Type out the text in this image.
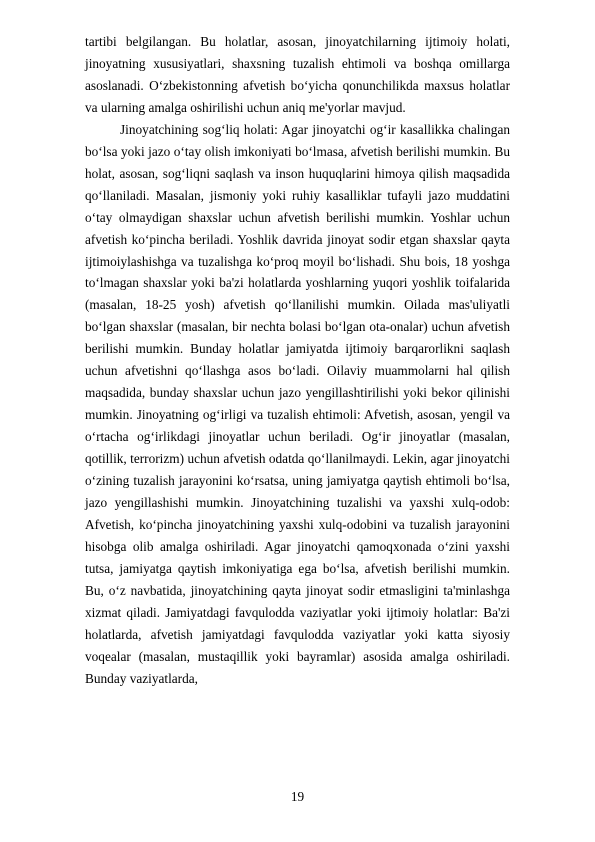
tartibi belgilangan. Bu holatlar, asosan, jinoyatchilarning ijtimoiy holati, jinoyatning xususiyatlari, shaxsning tuzalish ehtimoli va boshqa omillarga asoslanadi. O‘zbekistonning afvetish bo‘yicha qonunchilikda maxsus holatlar va ularning amalga oshirilishi uchun aniq me'yorlar mavjud.

Jinoyatchining sog‘liq holati: Agar jinoyatchi og‘ir kasallikka chalingan bo‘lsa yoki jazo o‘tay olish imkoniyati bo‘lmasa, afvetish berilishi mumkin. Bu holat, asosan, sog‘liqni saqlash va inson huquqlarini himoya qilish maqsadida qo‘llaniladi. Masalan, jismoniy yoki ruhiy kasalliklar tufayli jazo muddatini o‘tay olmaydigan shaxslar uchun afvetish berilishi mumkin. Yoshlar uchun afvetish ko‘pincha beriladi. Yoshlik davrida jinoyat sodir etgan shaxslar qayta ijtimoiylashishga va tuzalishga ko‘proq moyil bo‘lishadi. Shu bois, 18 yoshga to‘lmagan shaxslar yoki ba'zi holatlarda yoshlarning yuqori yoshlik toifalarida (masalan, 18-25 yosh) afvetish qo‘llanilishi mumkin. Oilada mas'uliyatli bo‘lgan shaxslar (masalan, bir nechta bolasi bo‘lgan ota-onalar) uchun afvetish berilishi mumkin. Bunday holatlar jamiyatda ijtimoiy barqarorlikni saqlash uchun afvetishni qo‘llashga asos bo‘ladi. Oilaviy muammolarni hal qilish maqsadida, bunday shaxslar uchun jazo yengillashtirilishi yoki bekor qilinishi mumkin. Jinoyatning og‘irligi va tuzalish ehtimoli: Afvetish, asosan, yengil va o‘rtacha og‘irlikdagi jinoyatlar uchun beriladi. Og‘ir jinoyatlar (masalan, qotillik, terrorizm) uchun afvetish odatda qo‘llanilmaydi. Lekin, agar jinoyatchi o‘zining tuzalish jarayonini ko‘rsatsa, uning jamiyatga qaytish ehtimoli bo‘lsa, jazo yengillashishi mumkin. Jinoyatchining tuzalishi va yaxshi xulq-odob: Afvetish, ko‘pincha jinoyatchining yaxshi xulq-odobini va tuzalish jarayonini hisobga olib amalga oshiriladi. Agar jinoyatchi qamoqxonada o‘zini yaxshi tutsa, jamiyatga qaytish imkoniyatiga ega bo‘lsa, afvetish berilishi mumkin. Bu, o‘z navbatida, jinoyatchining qayta jinoyat sodir etmasligini ta'minlashga xizmat qiladi. Jamiyatdagi favqulodda vaziyatlar yoki ijtimoiy holatlar: Ba'zi holatlarda, afvetish jamiyatdagi favqulodda vaziyatlar yoki katta siyosiy voqealar (masalan, mustaqillik yoki bayramlar) asosida amalga oshiriladi. Bunday vaziyatlarda,

19
